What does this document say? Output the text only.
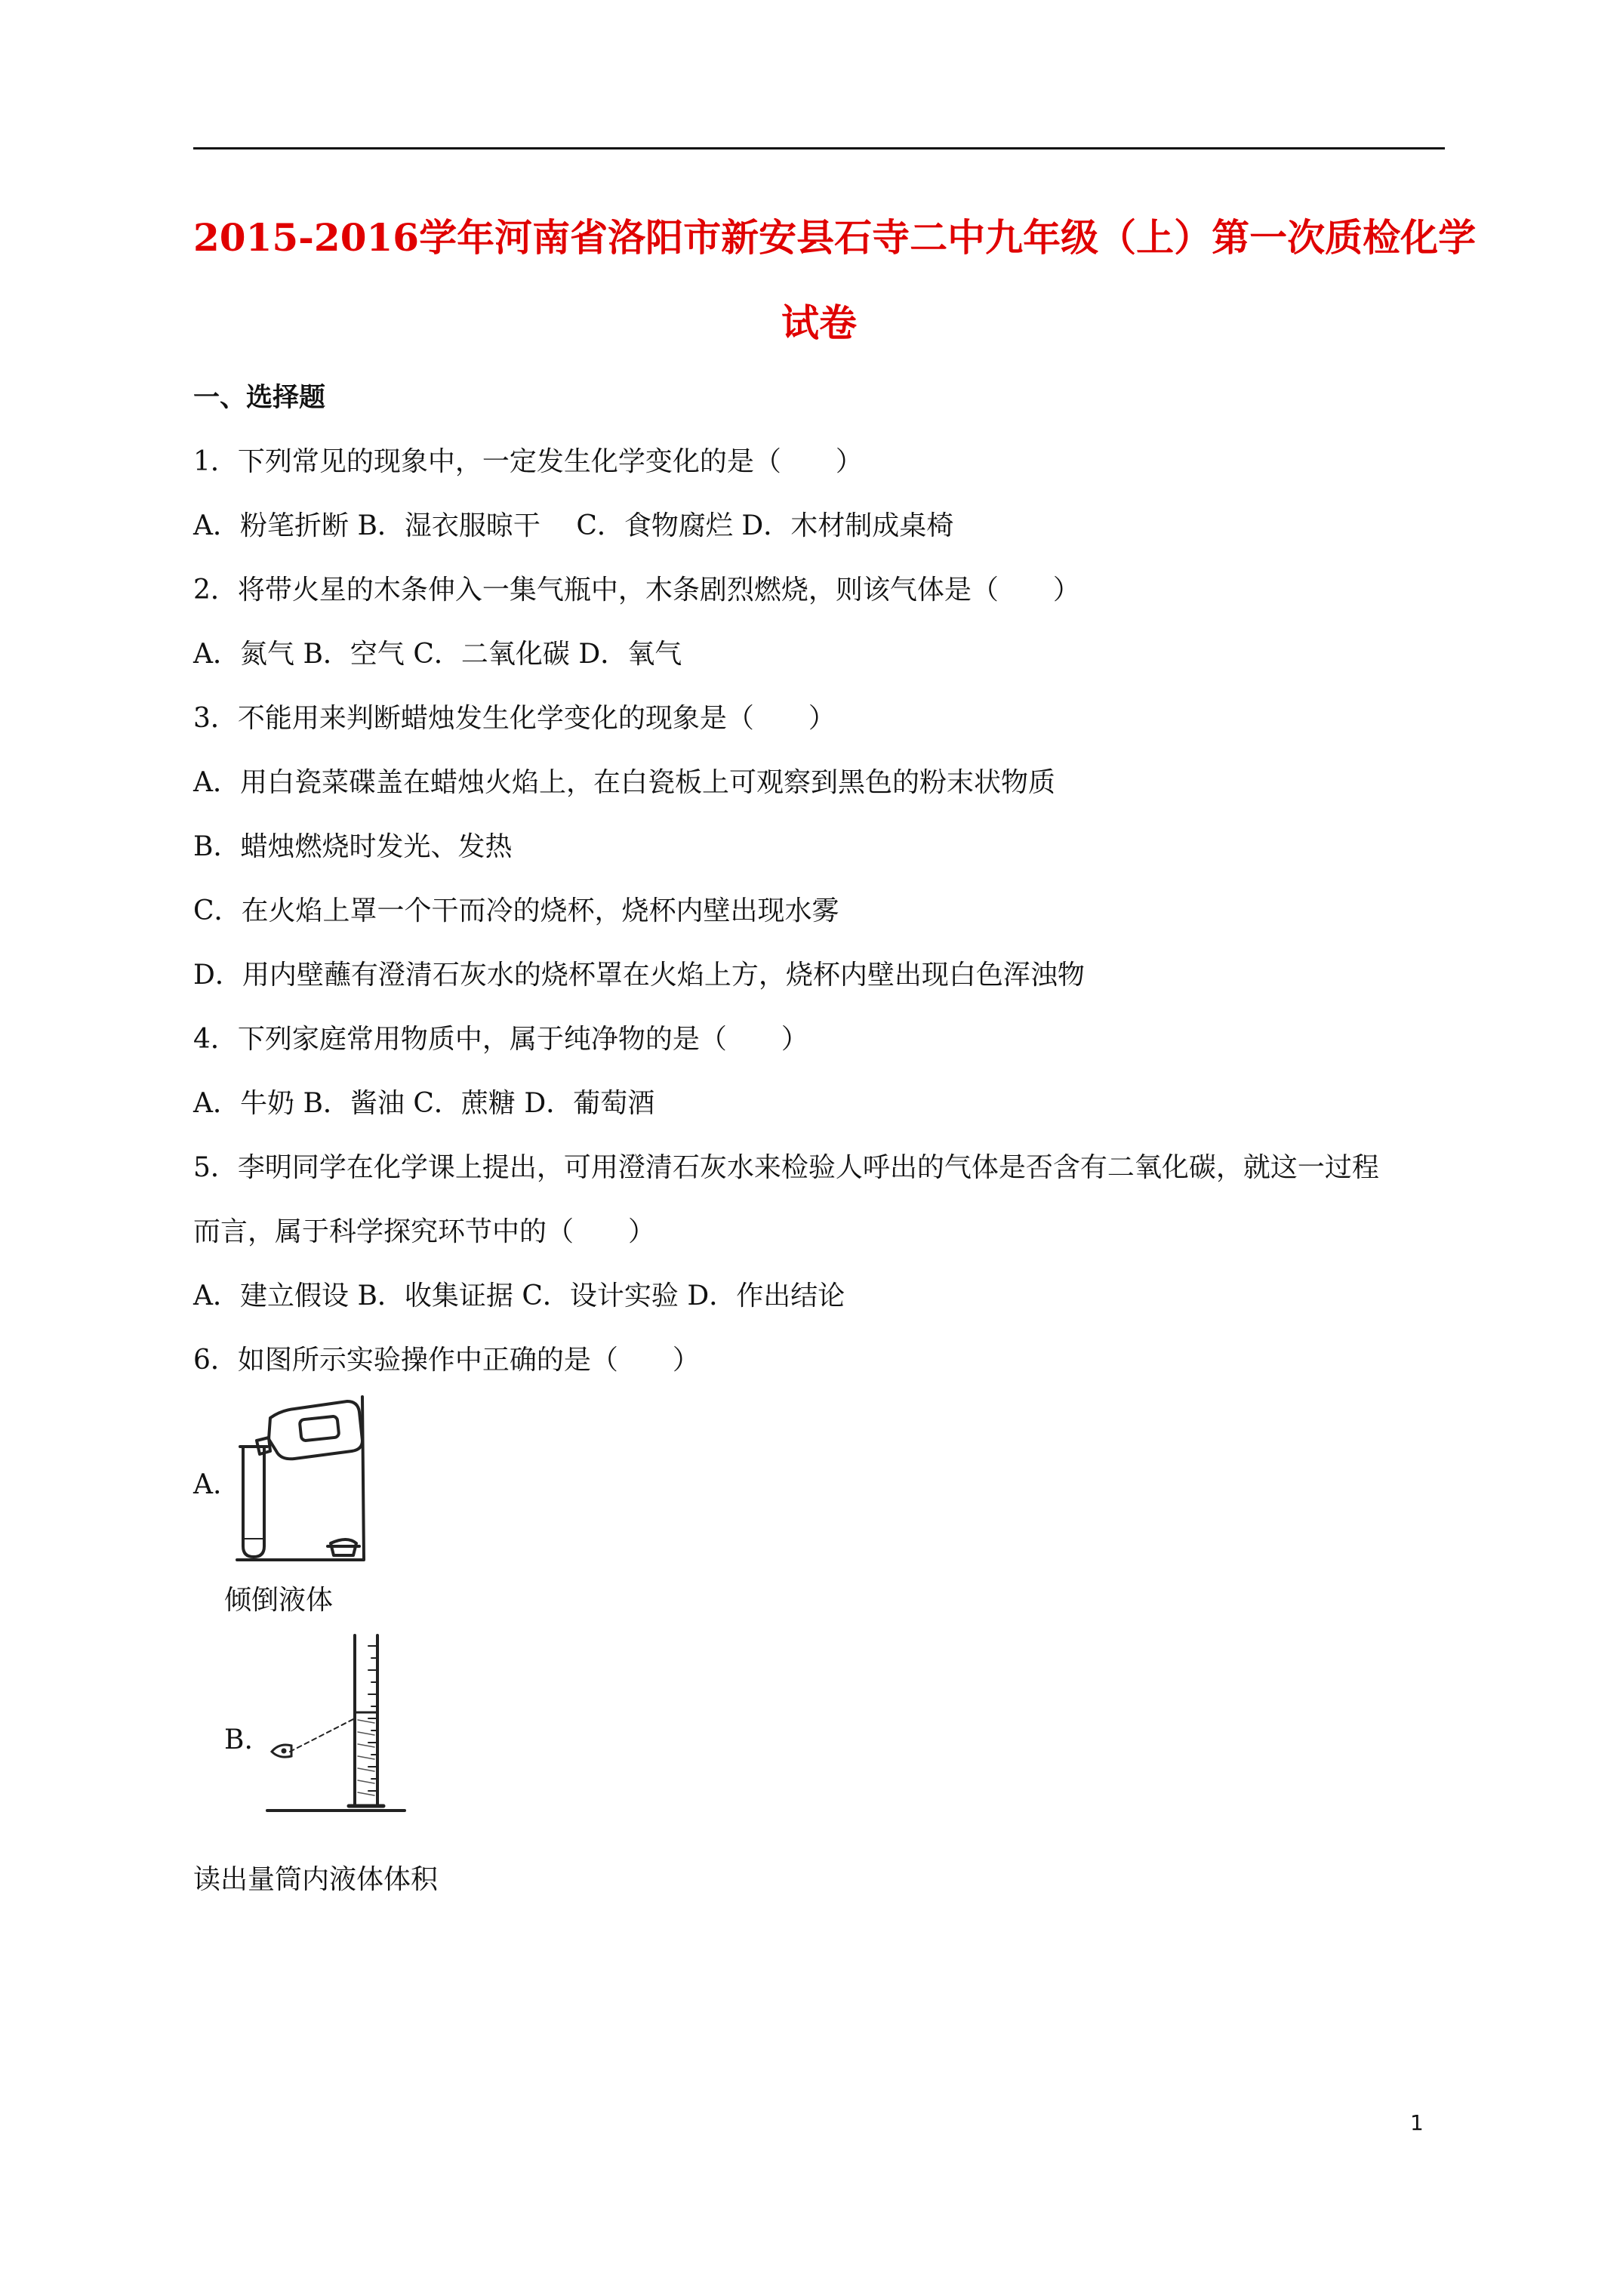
2015-2016学年河南省洛阳市新安县石寺二中九年级（上）第一次质检化学
试卷
一、选择题
1．下列常见的现象中，一定发生化学变化的是（　　）
A．粉笔折断 B．湿衣服晾干　 C．食物腐烂 D．木材制成桌椅
2．将带火星的木条伸入一集气瓶中，木条剧烈燃烧，则该气体是（　　）
A．氮气 B．空气 C．二氧化碳 D．氧气
3．不能用来判断蜡烛发生化学变化的现象是（　　）
A．用白瓷菜碟盖在蜡烛火焰上，在白瓷板上可观察到黑色的粉末状物质
B．蜡烛燃烧时发光、发热
C．在火焰上罩一个干而冷的烧杯，烧杯内壁出现水雾
D．用内壁蘸有澄清石灰水的烧杯罩在火焰上方，烧杯内壁出现白色浑浊物
4．下列家庭常用物质中，属于纯净物的是（　　）
A．牛奶 B．酱油 C．蔗糖 D．葡萄酒
5．李明同学在化学课上提出，可用澄清石灰水来检验人呼出的气体是否含有二氧化碳，就这一过程
而言，属于科学探究环节中的（　　）
A．建立假设 B．收集证据 C．设计实验 D．作出结论
6．如图所示实验操作中正确的是（　　）
A.
倾倒液体
B.
读出量筒内液体体积
1
